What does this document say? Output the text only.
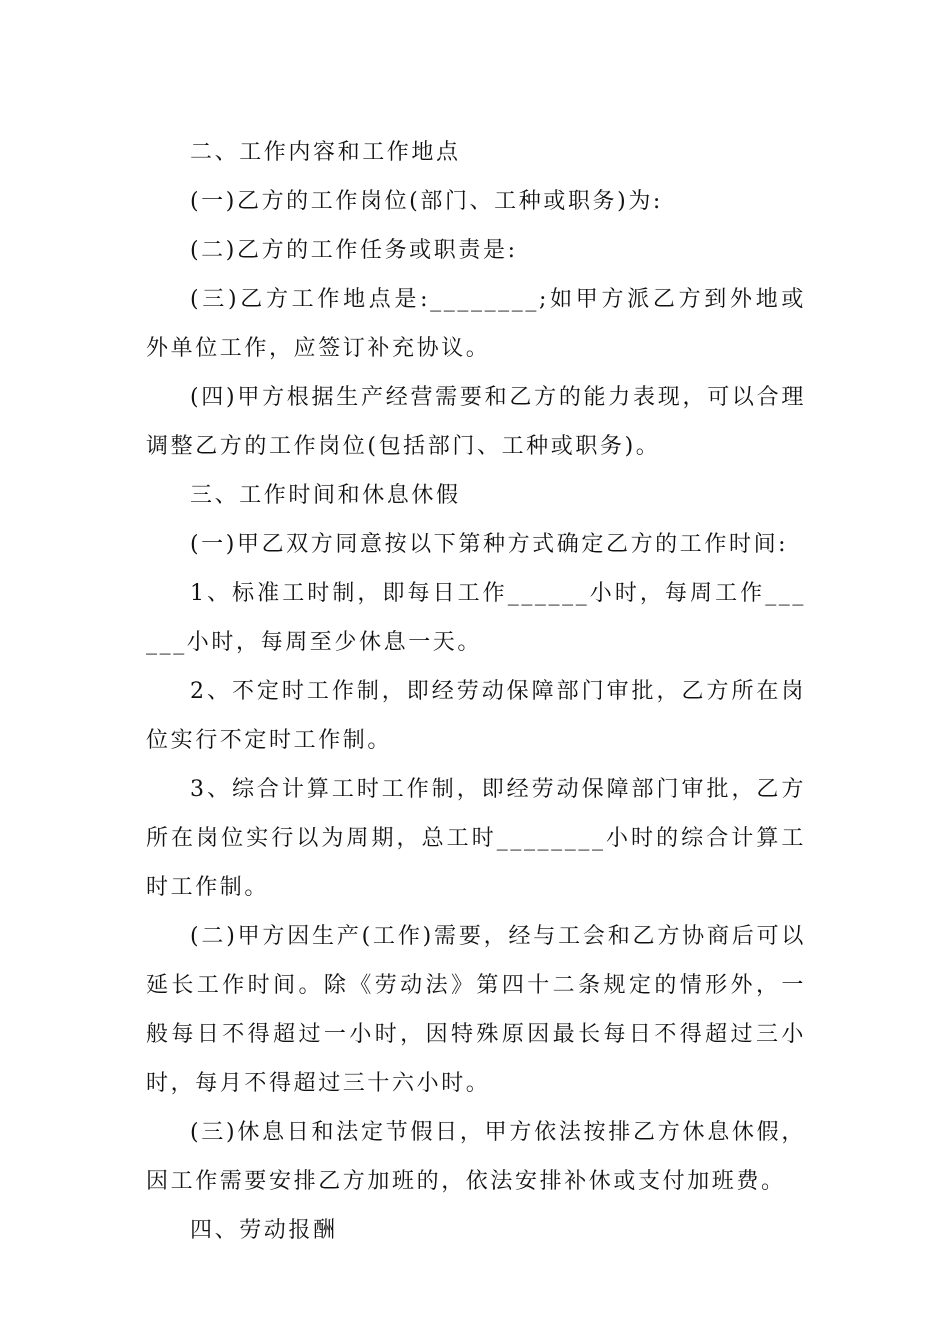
二、工作内容和工作地点

(一)乙方的工作岗位(部门、工种或职务)为:

(二)乙方的工作任务或职责是:

(三)乙方工作地点是:________;如甲方派乙方到外地或外单位工作，应签订补充协议。

(四)甲方根据生产经营需要和乙方的能力表现，可以合理调整乙方的工作岗位(包括部门、工种或职务)。

三、工作时间和休息休假

(一)甲乙双方同意按以下第种方式确定乙方的工作时间:

1、标准工时制，即每日工作______小时，每周工作______小时，每周至少休息一天。

2、不定时工作制，即经劳动保障部门审批，乙方所在岗位实行不定时工作制。

3、综合计算工时工作制，即经劳动保障部门审批，乙方所在岗位实行以为周期，总工时________小时的综合计算工时工作制。

(二)甲方因生产(工作)需要，经与工会和乙方协商后可以延长工作时间。除《劳动法》第四十二条规定的情形外，一般每日不得超过一小时，因特殊原因最长每日不得超过三小时，每月不得超过三十六小时。

(三)休息日和法定节假日，甲方依法按排乙方休息休假，因工作需要安排乙方加班的，依法安排补休或支付加班费。

四、劳动报酬
